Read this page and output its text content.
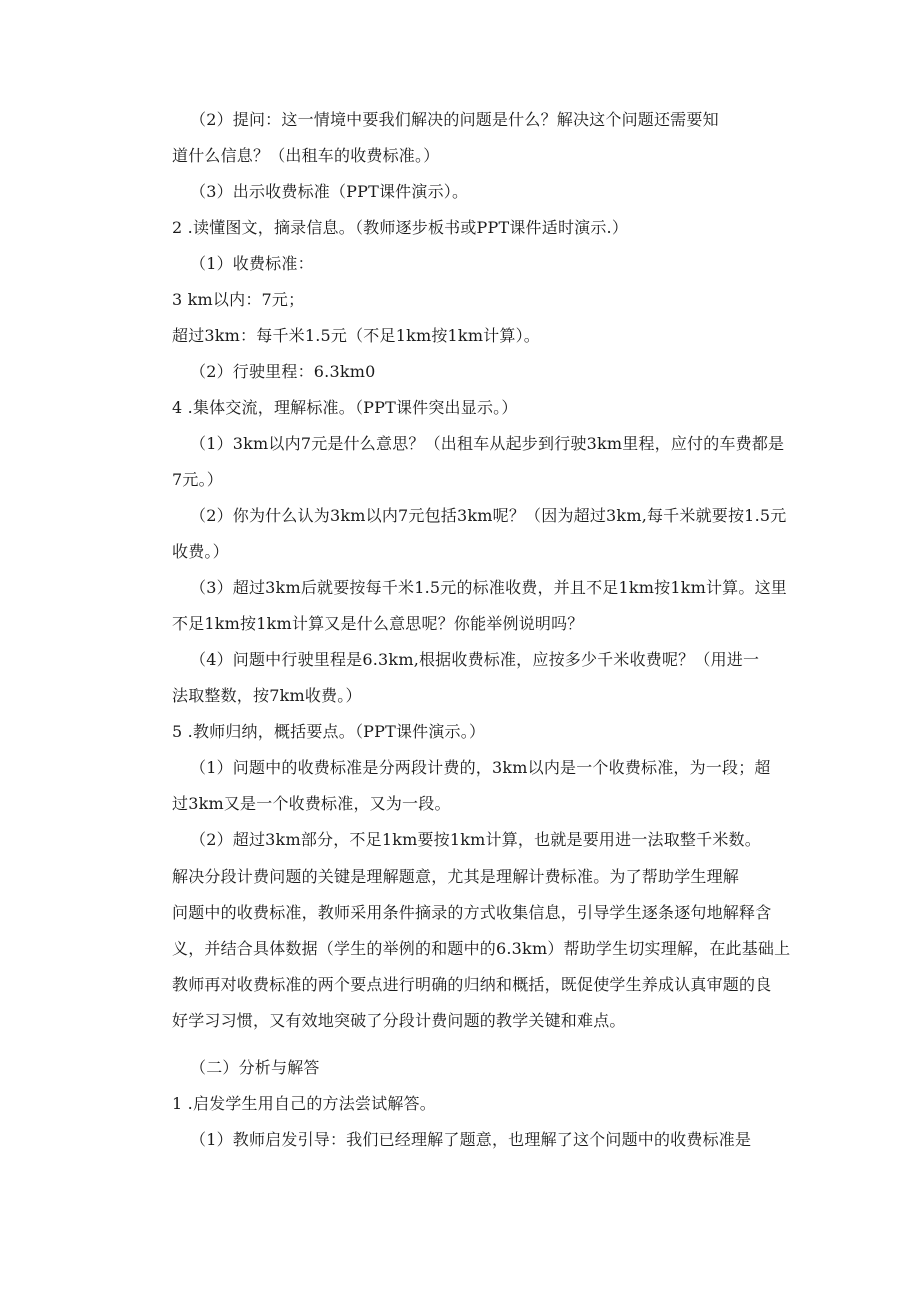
（2）提问：这一情境中要我们解决的问题是什么？解决这个问题还需要知
道什么信息？（出租车的收费标准。）
（3）出示收费标准（PPT课件演示）。
2 .读懂图文，摘录信息。（教师逐步板书或PPT课件适时演示.）
（1）收费标准：
3 km以内：7元；
超过3km：每千米1.5元（不足1km按1km计算）。
（2）行驶里程：6.3km0
4 .集体交流，理解标准。（PPT课件突出显示。）
（1）3km以内7元是什么意思？（出租车从起步到行驶3km里程，应付的车费都是
7元。）
（2）你为什么认为3km以内7元包括3km呢？（因为超过3km,每千米就要按1.5元
收费。）
（3）超过3km后就要按每千米1.5元的标准收费，并且不足1km按1km计算。这里
不足1km按1km计算又是什么意思呢？你能举例说明吗？
（4）问题中行驶里程是6.3km,根据收费标准，应按多少千米收费呢？（用进一
法取整数，按7km收费。）
5 .教师归纳，概括要点。（PPT课件演示。）
（1）问题中的收费标准是分两段计费的，3km以内是一个收费标准，为一段；超
过3km又是一个收费标准，又为一段。
（2）超过3km部分，不足1km要按1km计算，也就是要用进一法取整千米数。
解决分段计费问题的关键是理解题意，尤其是理解计费标准。为了帮助学生理解
问题中的收费标准，教师采用条件摘录的方式收集信息，引导学生逐条逐句地解释含
义，并结合具体数据（学生的举例的和题中的6.3km）帮助学生切实理解，在此基础上
教师再对收费标准的两个要点进行明确的归纳和概括，既促使学生养成认真审题的良
好学习习惯，又有效地突破了分段计费问题的教学关键和难点。
（二）分析与解答
1 .启发学生用自己的方法尝试解答。
（1）教师启发引导：我们已经理解了题意，也理解了这个问题中的收费标准是
